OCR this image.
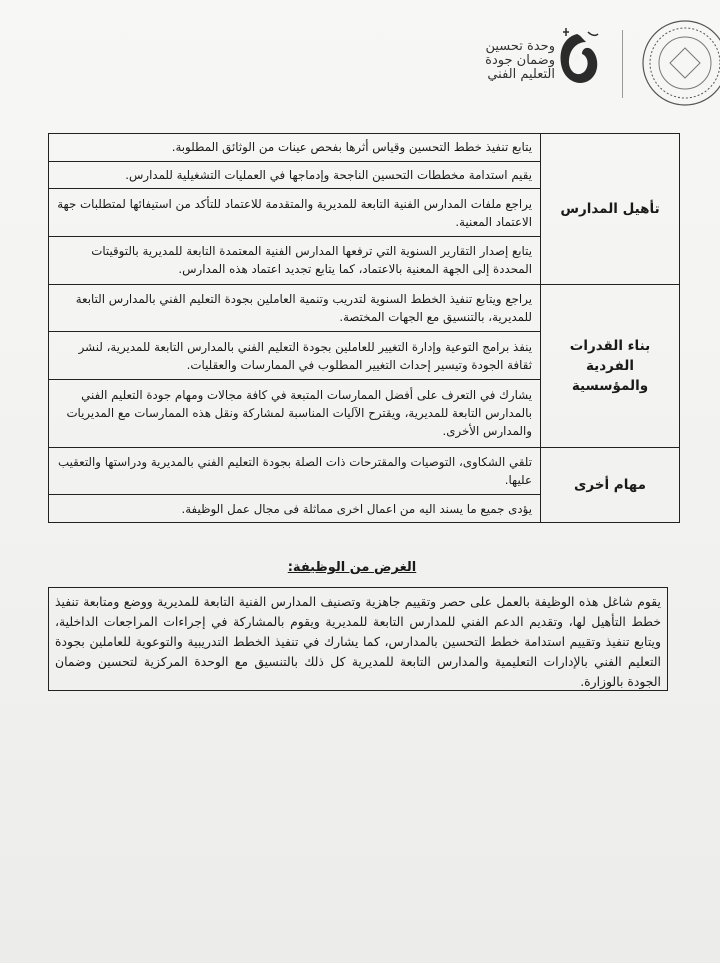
وحدة تحسين
وضمان جودة
التعليم الفني
تأهيل المدارس	يتابع تنفيذ خطط التحسين وقياس أثرها بفحص عينات من الوثائق المطلوبة.
	يقيم استدامة مخططات التحسين الناجحة وإدماجها في العمليات التشغيلية للمدارس.
	يراجع ملفات المدارس الفنية التابعة للمديرية والمتقدمة للاعتماد للتأكد من استيفائها لمتطلبات جهة الاعتماد المعنية.
	يتابع إصدار التقارير السنوية التي ترفعها المدارس الفنية المعتمدة التابعة للمديرية بالتوقيتات المحددة إلى الجهة المعنية بالاعتماد، كما يتابع تجديد اعتماد هذه المدارس.
بناء القدرات الفردية والمؤسسية	يراجع ويتابع تنفيذ الخطط السنوية لتدريب وتنمية العاملين بجودة التعليم الفني بالمدارس التابعة للمديرية، بالتنسيق مع الجهات المختصة.
	ينفذ برامج التوعية وإدارة التغيير للعاملين بجودة التعليم الفني بالمدارس التابعة للمديرية، لنشر ثقافة الجودة وتيسير إحداث التغيير المطلوب في الممارسات والعقليات.
	يشارك في التعرف على أفضل الممارسات المتبعة في كافة مجالات ومهام جودة التعليم الفني بالمدارس التابعة للمديرية، ويقترح الآليات المناسبة لمشاركة ونقل هذه الممارسات مع المديريات والمدارس الأخرى.
مهام أخرى	تلقي الشكاوى، التوصيات والمقترحات ذات الصلة بجودة التعليم الفني بالمديرية ودراستها والتعقيب عليها.
	يؤدى جميع ما يسند اليه من اعمال اخرى مماثلة فى مجال عمل الوظيفة.
الغرض من الوظيفة:
يقوم شاغل هذه الوظيفة بالعمل على حصر وتقييم جاهزية وتصنيف المدارس الفنية التابعة للمديرية ووضع ومتابعة تنفيذ خطط التأهيل لها، وتقديم الدعم الفني للمدارس التابعة للمديرية ويقوم بالمشاركة في إجراءات المراجعات الداخلية، ويتابع تنفيذ وتقييم استدامة خطط التحسين بالمدارس، كما يشارك في تنفيذ الخطط التدريبية والتوعوية للعاملين بجودة التعليم الفني بالإدارات التعليمية والمدارس التابعة للمديرية كل ذلك بالتنسيق مع الوحدة المركزية لتحسين وضمان الجودة بالوزارة.
